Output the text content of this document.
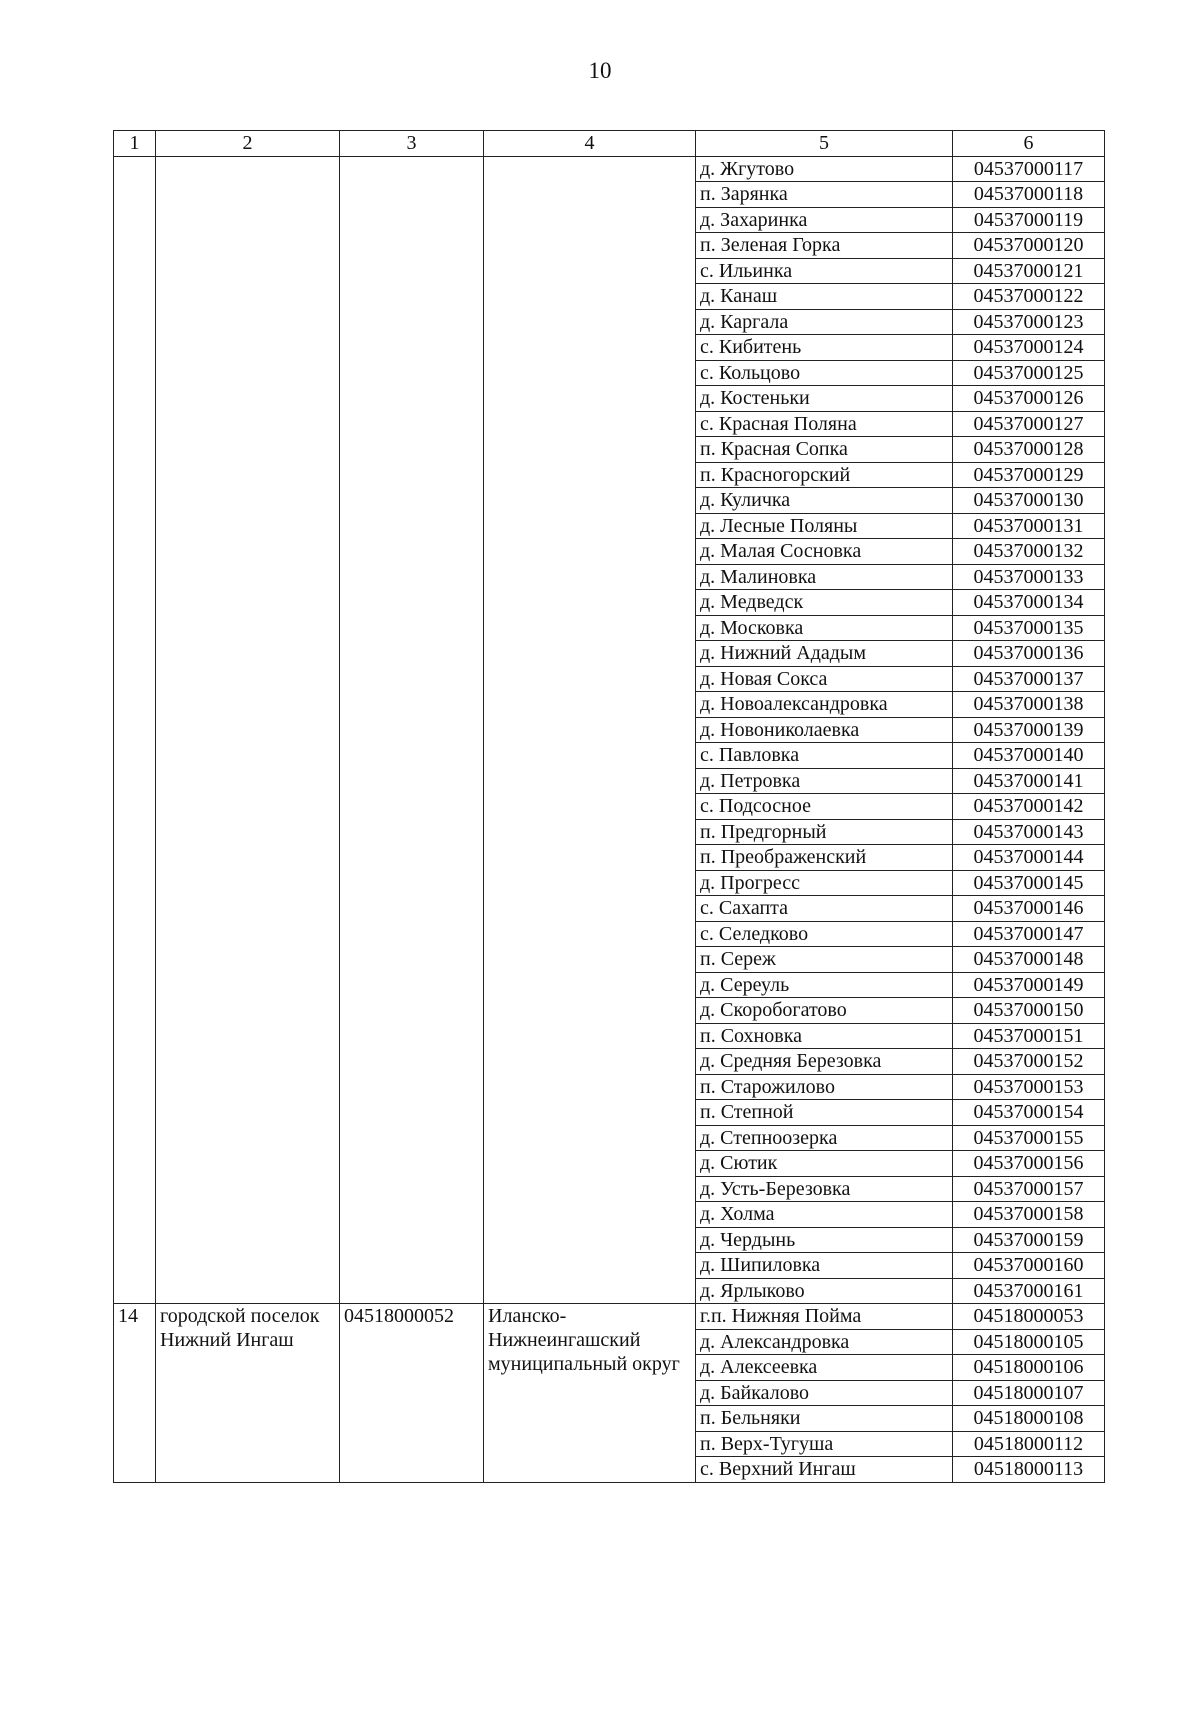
10
1	2	3	4	5	6
				д. Жгутово	04537000117
				п. Зарянка	04537000118
				д. Захаринка	04537000119
				п. Зеленая Горка	04537000120
				с. Ильинка	04537000121
				д. Канаш	04537000122
				д. Каргала	04537000123
				с. Кибитень	04537000124
				с. Кольцово	04537000125
				д. Костеньки	04537000126
				с. Красная Поляна	04537000127
				п. Красная Сопка	04537000128
				п. Красногорский	04537000129
				д. Куличка	04537000130
				д. Лесные Поляны	04537000131
				д. Малая Сосновка	04537000132
				д. Малиновка	04537000133
				д. Медведск	04537000134
				д. Московка	04537000135
				д. Нижний Ададым	04537000136
				д. Новая Сокса	04537000137
				д. Новоалександровка	04537000138
				д. Новониколаевка	04537000139
				с. Павловка	04537000140
				д. Петровка	04537000141
				с. Подсосное	04537000142
				п. Предгорный	04537000143
				п. Преображенский	04537000144
				д. Прогресс	04537000145
				с. Сахапта	04537000146
				с. Селедково	04537000147
				п. Сереж	04537000148
				д. Сереуль	04537000149
				д. Скоробогатово	04537000150
				п. Сохновка	04537000151
				д. Средняя Березовка	04537000152
				п. Старожилово	04537000153
				п. Степной	04537000154
				д. Степноозерка	04537000155
				д. Сютик	04537000156
				д. Усть-Березовка	04537000157
				д. Холма	04537000158
				д. Чердынь	04537000159
				д. Шипиловка	04537000160
				д. Ярлыково	04537000161
14	городской поселок Нижний Ингаш	04518000052	Иланско-Нижнеингашский муниципальный округ	г.п. Нижняя Пойма	04518000053
				д. Александровка	04518000105
				д. Алексеевка	04518000106
				д. Байкалово	04518000107
				п. Бельняки	04518000108
				п. Верх-Тугуша	04518000112
				с. Верхний Ингаш	04518000113
